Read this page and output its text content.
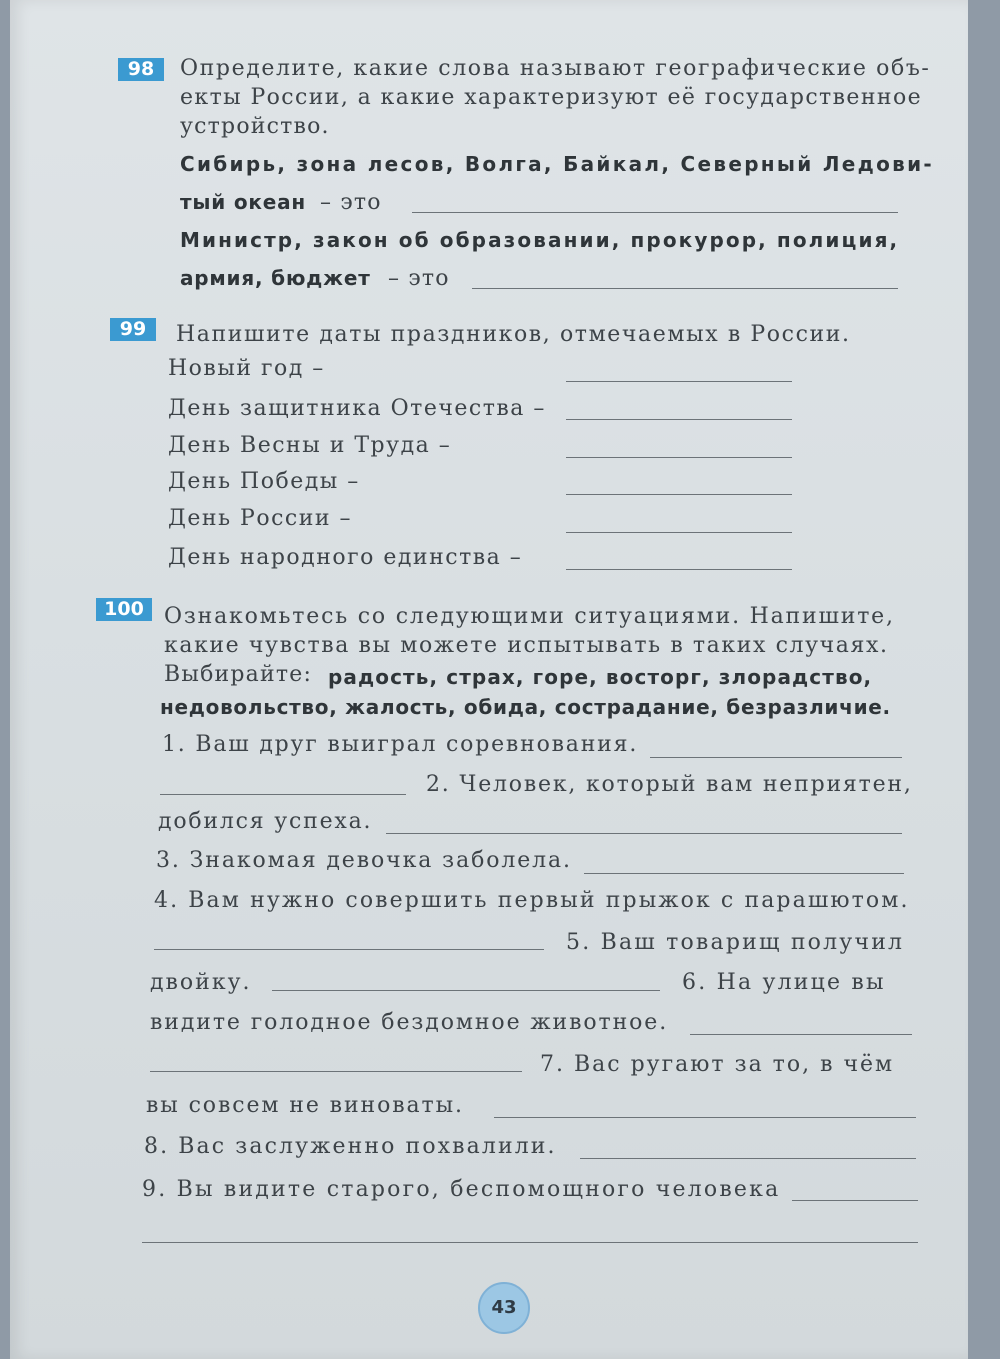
98	Определите, какие слова называют географические объ-
екты России, а какие характеризуют её государственное
устройство.
Сибирь, зона лесов, Волга, Байкал, Северный Ледови-
тый океан – это
Министр, закон об образовании, прокурор, полиция,
армия, бюджет – это
99	Напишите даты праздников, отмечаемых в России.
Новый год –
День защитника Отечества –
День Весны и Труда –
День Победы –
День России –
День народного единства –
100 Ознакомьтесь со следующими ситуациями. Напишите,
какие чувства вы можете испытывать в таких случаях.
Выбирайте: радость, страх, горе, восторг, злорадство,
недовольство, жалость, обида, сострадание, безразличие.
1. Ваш друг выиграл соревнования.
2. Человек, который вам неприятен,
добился успеха.
3. Знакомая девочка заболела.
4. Вам нужно совершить первый прыжок с парашютом.
5. Ваш товарищ получил
двойку.	6. На улице вы
видите голодное бездомное животное.
7. Вас ругают за то, в чём
вы совсем не виноваты.
8. Вас заслуженно похвалили.
9. Вы видите старого, беспомощного человека
43
